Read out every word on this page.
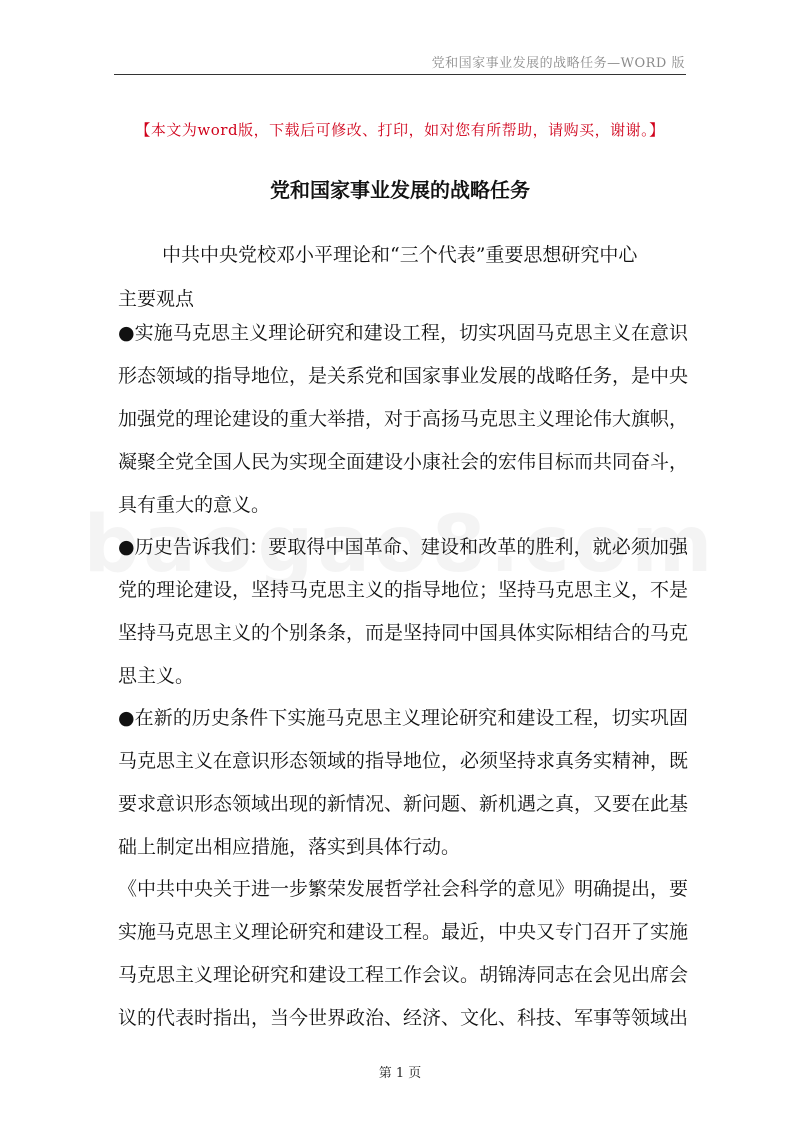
党和国家事业发展的战略任务—WORD 版
【本文为word版，下载后可修改、打印，如对您有所帮助，请购买，谢谢。】
党和国家事业发展的战略任务
中共中央党校邓小平理论和“三个代表”重要思想研究中心
主要观点
●实施马克思主义理论研究和建设工程，切实巩固马克思主义在意识形态领域的指导地位，是关系党和国家事业发展的战略任务，是中央加强党的理论建设的重大举措，对于高扬马克思主义理论伟大旗帜，凝聚全党全国人民为实现全面建设小康社会的宏伟目标而共同奋斗，具有重大的意义。
●历史告诉我们：要取得中国革命、建设和改革的胜利，就必须加强党的理论建设，坚持马克思主义的指导地位；坚持马克思主义，不是坚持马克思主义的个别条条，而是坚持同中国具体实际相结合的马克思主义。
●在新的历史条件下实施马克思主义理论研究和建设工程，切实巩固马克思主义在意识形态领域的指导地位，必须坚持求真务实精神，既要求意识形态领域出现的新情况、新问题、新机遇之真，又要在此基础上制定出相应措施，落实到具体行动。
《中共中央关于进一步繁荣发展哲学社会科学的意见》明确提出，要实施马克思主义理论研究和建设工程。最近，中央又专门召开了实施马克思主义理论研究和建设工程工作会议。胡锦涛同志在会见出席会议的代表时指出，当今世界政治、经济、文化、科技、军事等领域出
第 1 页
